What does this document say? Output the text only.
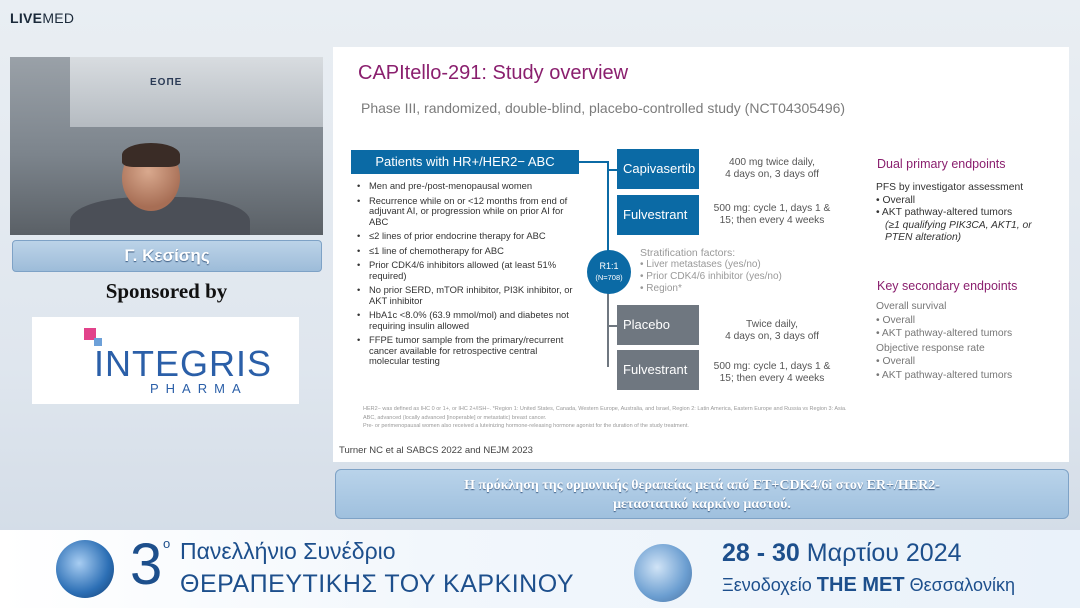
LIVEMED
ΕΟΠΕ
Γ. Κεσίσης
Sponsored by
INTEGRIS
PHARMA
CAPItello-291: Study overview
Phase III, randomized, double-blind, placebo-controlled study (NCT04305496)
Patients with HR+/HER2− ABC
• Men and pre-/post-menopausal women
• Recurrence while on or <12 months from end of adjuvant AI, or progression while on prior AI for ABC
• ≤2 lines of prior endocrine therapy for ABC
• ≤1 line of chemotherapy for ABC
• Prior CDK4/6 inhibitors allowed (at least 51% required)
• No prior SERD, mTOR inhibitor, PI3K inhibitor, or AKT inhibitor
• HbA1c <8.0% (63.9 mmol/mol) and diabetes not requiring insulin allowed
• FFPE tumor sample from the primary/recurrent cancer available for retrospective central molecular testing
R1:1
(N=708)
Capivasertib	400 mg twice daily,
4 days on, 3 days off
Fulvestrant	500 mg: cycle 1, days 1 &
15; then every 4 weeks
Stratification factors:
• Liver metastases (yes/no)
• Prior CDK4/6 inhibitor (yes/no)
• Region*
Placebo	Twice daily,
4 days on, 3 days off
Fulvestrant	500 mg: cycle 1, days 1 &
15; then every 4 weeks
Dual primary endpoints
PFS by investigator assessment
• Overall
• AKT pathway-altered tumors
(≥1 qualifying PIK3CA, AKT1, or
PTEN alteration)
Key secondary endpoints
Overall survival
• Overall
• AKT pathway-altered tumors
Objective response rate
• Overall
• AKT pathway-altered tumors
HER2− was defined as IHC 0 or 1+, or IHC 2+/ISH−. *Region 1: United States, Canada, Western Europe, Australia, and Israel, Region 2: Latin America, Eastern Europe and Russia vs Region 3: Asia.
ABC, advanced (locally advanced [inoperable] or metastatic) breast cancer.
Pre- or perimenopausal women also received a luteinizing hormone-releasing hormone agonist for the duration of the study treatment.
Turner NC et al SABCS 2022 and NEJM 2023
Η πρόκληση της ορμονικής θεραπείας μετά από ET+CDK4/6i στον ER+/HER2-
μεταστατικό καρκίνο μαστού.
3 ο Πανελλήνιο Συνέδριο
ΘΕΡΑΠΕΥΤΙΚΗΣ ΤΟΥ ΚΑΡΚΙΝΟΥ
28 - 30 Μαρτίου 2024
Ξενοδοχείο THE MET Θεσσαλονίκη
